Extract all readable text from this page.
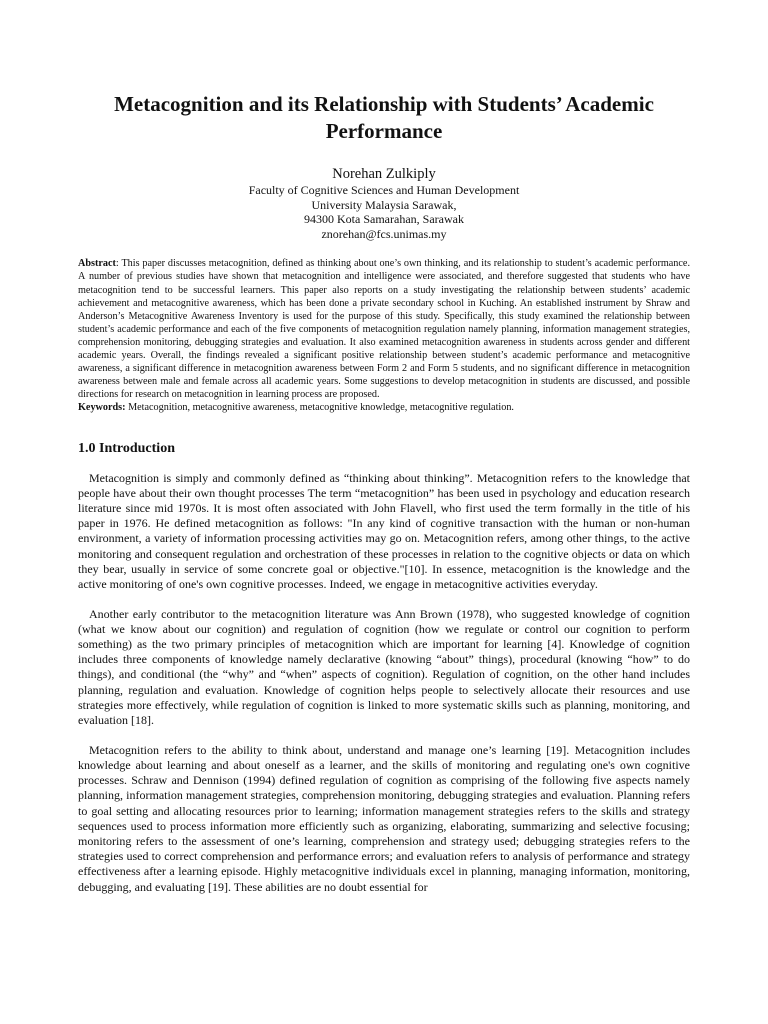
Metacognition and its Relationship with Students’ Academic Performance
Norehan Zulkiply
Faculty of Cognitive Sciences and Human Development
University Malaysia Sarawak,
94300 Kota Samarahan, Sarawak
znorehan@fcs.unimas.my
Abstract: This paper discusses metacognition, defined as thinking about one’s own thinking, and its relationship to student’s academic performance. A number of previous studies have shown that metacognition and intelligence were associated, and therefore suggested that students who have metacognition tend to be successful learners. This paper also reports on a study investigating the relationship between students’ academic achievement and metacognitive awareness, which has been done a private secondary school in Kuching. An established instrument by Shraw and Anderson’s Metacognitive Awareness Inventory is used for the purpose of this study. Specifically, this study examined the relationship between student’s academic performance and each of the five components of metacognition regulation namely planning, information management strategies, comprehension monitoring, debugging strategies and evaluation. It also examined metacognition awareness in students across gender and different academic years. Overall, the findings revealed a significant positive relationship between student’s academic performance and metacognitive awareness, a significant difference in metacognition awareness between Form 2 and Form 5 students, and no significant difference in metacognition awareness between male and female across all academic years. Some suggestions to develop metacognition in students are discussed, and possible directions for research on metacognition in learning process are proposed.
Keywords: Metacognition, metacognitive awareness, metacognitive knowledge, metacognitive regulation.
1.0 Introduction

Metacognition is simply and commonly defined as “thinking about thinking”. Metacognition refers to the knowledge that people have about their own thought processes The term “metacognition” has been used in psychology and education research literature since mid 1970s. It is most often associated with John Flavell, who first used the term formally in the title of his paper in 1976. He defined metacognition as follows: "In any kind of cognitive transaction with the human or non-human environment, a variety of information processing activities may go on. Metacognition refers, among other things, to the active monitoring and consequent regulation and orchestration of these processes in relation to the cognitive objects or data on which they bear, usually in service of some concrete goal or objective."[10]. In essence, metacognition is the knowledge and the active monitoring of one's own cognitive processes. Indeed, we engage in metacognitive activities everyday.

Another early contributor to the metacognition literature was Ann Brown (1978), who suggested knowledge of cognition (what we know about our cognition) and regulation of cognition (how we regulate or control our cognition to perform something) as the two primary principles of metacognition which are important for learning [4]. Knowledge of cognition includes three components of knowledge namely declarative (knowing “about” things), procedural (knowing “how” to do things), and conditional (the “why” and “when” aspects of cognition). Regulation of cognition, on the other hand includes planning, regulation and evaluation. Knowledge of cognition helps people to selectively allocate their resources and use strategies more effectively, while regulation of cognition is linked to more systematic skills such as planning, monitoring, and evaluation [18].

Metacognition refers to the ability to think about, understand and manage one’s learning [19]. Metacognition includes knowledge about learning and about oneself as a learner, and the skills of monitoring and regulating one's own cognitive processes. Schraw and Dennison (1994) defined regulation of cognition as comprising of the following five aspects namely planning, information management strategies, comprehension monitoring, debugging strategies and evaluation. Planning refers to goal setting and allocating resources prior to learning; information management strategies refers to the skills and strategy sequences used to process information more efficiently such as organizing, elaborating, summarizing and selective focusing; monitoring refers to the assessment of one’s learning, comprehension and strategy used; debugging strategies refers to the strategies used to correct comprehension and performance errors; and evaluation refers to analysis of performance and strategy effectiveness after a learning episode. Highly metacognitive individuals excel in planning, managing information, monitoring, debugging, and evaluating [19]. These abilities are no doubt essential for
